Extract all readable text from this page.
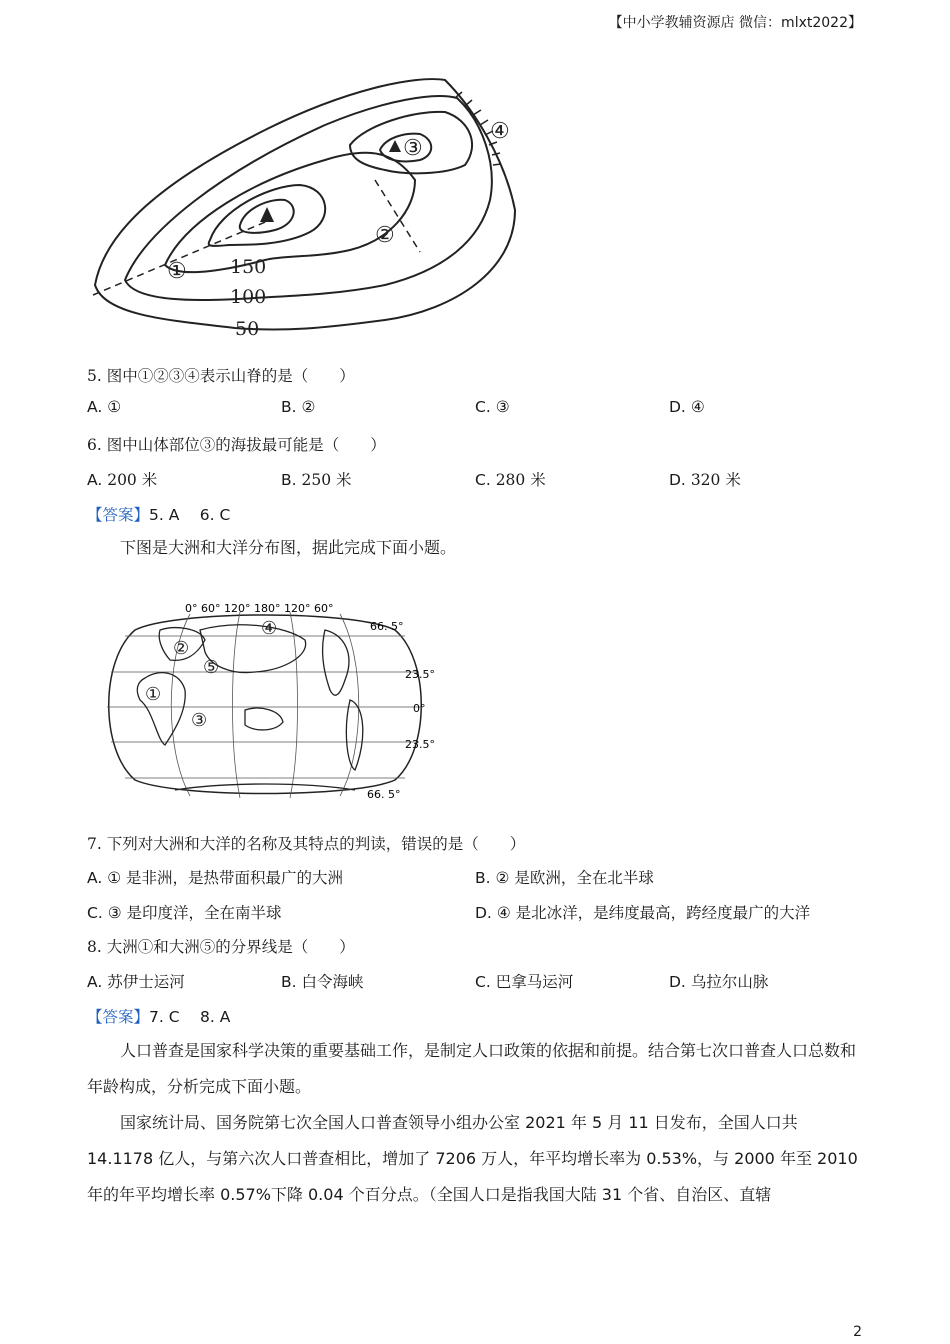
【中小学教辅资源店 微信：mlxt2022】
①
②
③
④
150
100
50
5. 图中①②③④表示山脊的是（　　）
A. ①	B. ②	C. ③	D. ④
6. 图中山体部位③的海拔最可能是（　　）
A. 200 米	B. 250 米	C. 280 米	D. 320 米
【答案】5. A　 6. C
下图是大洲和大洋分布图，据此完成下面小题。
0° 60° 120° 180° 120° 60°
66. 5°
23.5°
0°
23.5°
66. 5°
①
②
③
④
⑤
7. 下列对大洲和大洋的名称及其特点的判读，错误的是（　　）
A. ① 是非洲，是热带面积最广的大洲	B. ② 是欧洲，全在北半球
C. ③ 是印度洋，全在南半球	D. ④ 是北冰洋，是纬度最高，跨经度最广的大洋
8. 大洲①和大洲⑤的分界线是（　　）
A. 苏伊士运河	B. 白令海峡	C. 巴拿马运河	D. 乌拉尔山脉
【答案】7. C　 8. A
人口普查是国家科学决策的重要基础工作，是制定人口政策的依据和前提。结合第七次口普查人口总数和年龄构成，分析完成下面小题。
国家统计局、国务院第七次全国人口普查领导小组办公室 2021 年 5 月 11 日发布，全国人口共 14.1178 亿人，与第六次人口普查相比，增加了 7206 万人，年平均增长率为 0.53%，与 2000 年至 2010 年的年平均增长率 0.57%下降 0.04 个百分点。（全国人口是指我国大陆 31 个省、自治区、直辖
2
